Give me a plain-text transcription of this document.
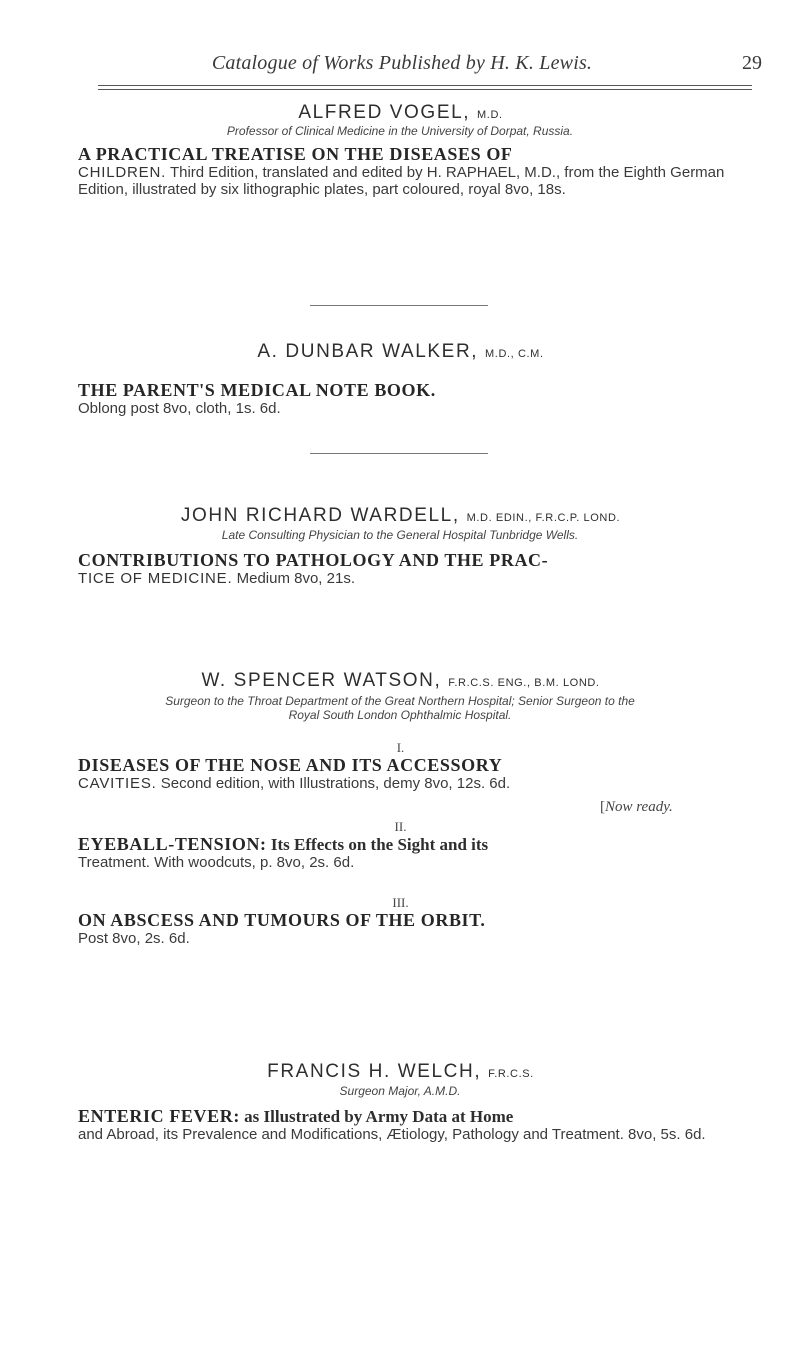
Catalogue of Works Published by H. K. Lewis.	29
ALFRED VOGEL, M.D.
Professor of Clinical Medicine in the University of Dorpat, Russia.
A PRACTICAL TREATISE ON THE DISEASES OF
CHILDREN. Third Edition, translated and edited by H. RAPHAEL, M.D., from the Eighth German Edition, illustrated by six lithographic plates, part coloured, royal 8vo, 18s.
A. DUNBAR WALKER, M.D., C.M.
THE PARENT'S MEDICAL NOTE BOOK.
Oblong post 8vo, cloth, 1s. 6d.
JOHN RICHARD WARDELL, M.D. EDIN., F.R.C.P. LOND.
Late Consulting Physician to the General Hospital Tunbridge Wells.
CONTRIBUTIONS TO PATHOLOGY AND THE PRAC-
TICE OF MEDICINE. Medium 8vo, 21s.
W. SPENCER WATSON, F.R.C.S. ENG., B.M. LOND.
Surgeon to the Throat Department of the Great Northern Hospital; Senior Surgeon to the
Royal South London Ophthalmic Hospital.
I.
DISEASES OF THE NOSE AND ITS ACCESSORY
CAVITIES. Second edition, with Illustrations, demy 8vo, 12s. 6d.
[Now ready.
II.
EYEBALL-TENSION: Its Effects on the Sight and its
Treatment. With woodcuts, p. 8vo, 2s. 6d.
III.
ON ABSCESS AND TUMOURS OF THE ORBIT.
Post 8vo, 2s. 6d.
FRANCIS H. WELCH, F.R.C.S.
Surgeon Major, A.M.D.
ENTERIC FEVER: as Illustrated by Army Data at Home
and Abroad, its Prevalence and Modifications, Ætiology, Pathology and Treatment. 8vo, 5s. 6d.
